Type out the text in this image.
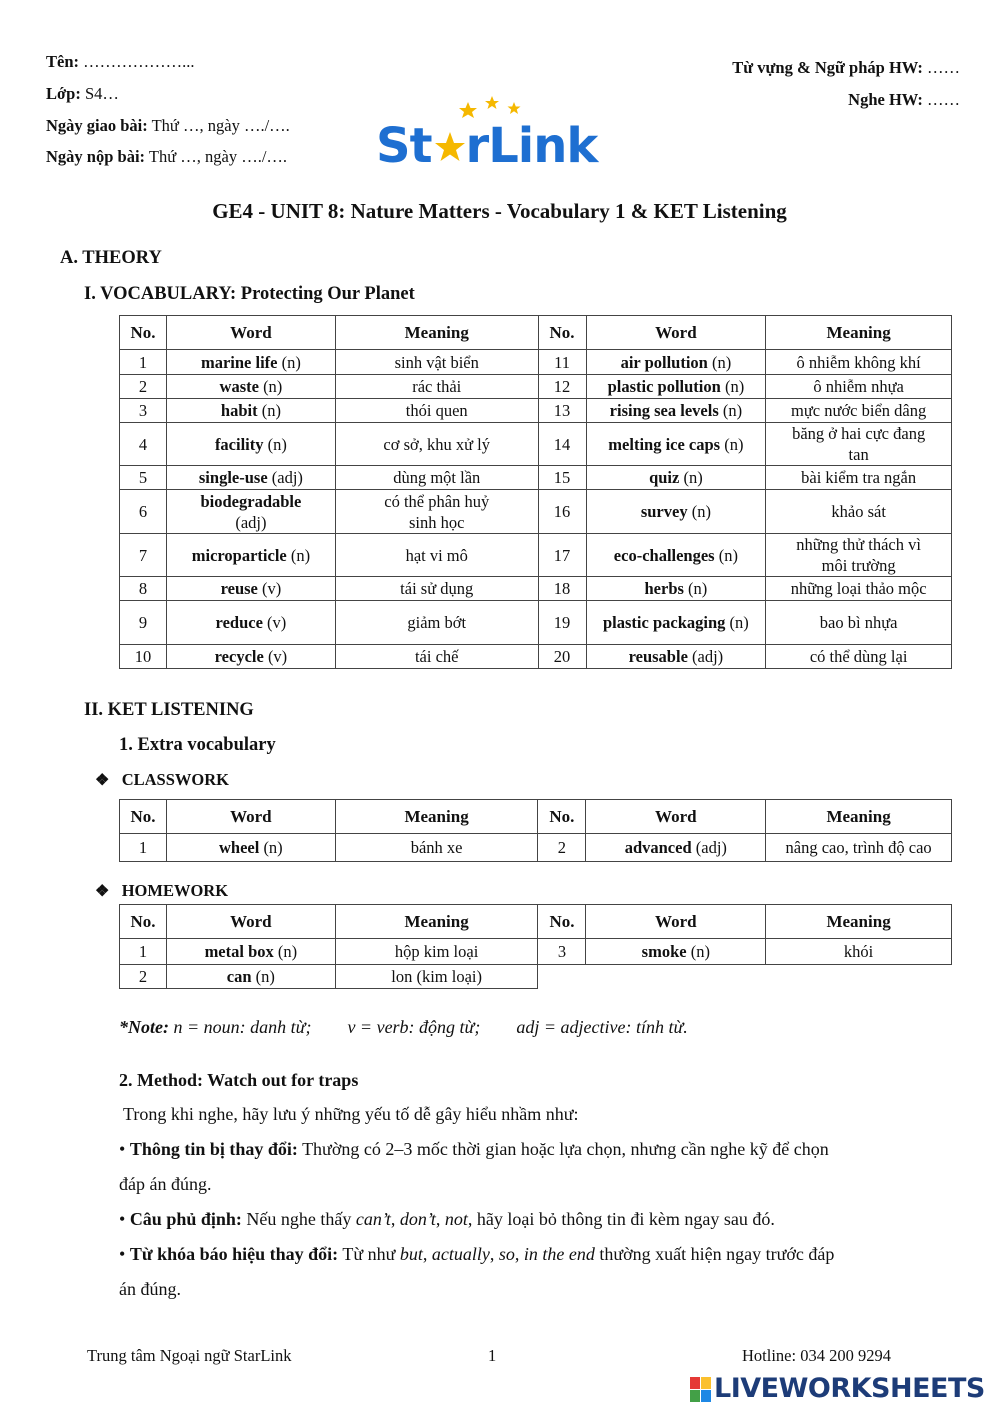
Tên: ………………...
Lớp: S4…
Ngày giao bài: Thứ …, ngày …./….
Ngày nộp bài: Thứ …, ngày …./….
Từ vựng & Ngữ pháp HW: ……
Nghe HW: ……
St rLink
GE4 - UNIT 8: Nature Matters - Vocabulary 1 & KET Listening
A. THEORY
I. VOCABULARY: Protecting Our Planet
No.	Word	Meaning	No.	Word	Meaning
1	marine life (n)	sinh vật biển	11	air pollution (n)	ô nhiễm không khí
2	waste (n)	rác thải	12	plastic pollution (n)	ô nhiễm nhựa
3	habit (n)	thói quen	13	rising sea levels (n)	mực nước biển dâng
4	facility (n)	cơ sở, khu xử lý	14	melting ice caps (n)	băng ở hai cực đang tan
5	single-use (adj)	dùng một lần	15	quiz (n)	bài kiểm tra ngắn
6	biodegradable (adj)	có thể phân huỷ sinh học	16	survey (n)	khảo sát
7	microparticle (n)	hạt vi mô	17	eco-challenges (n)	những thử thách vì môi trường
8	reuse (v)	tái sử dụng	18	herbs (n)	những loại thảo mộc
9	reduce (v)	giảm bớt	19	plastic packaging (n)	bao bì nhựa
10	recycle (v)	tái chế	20	reusable (adj)	có thể dùng lại
II. KET LISTENING
1. Extra vocabulary
❖ CLASSWORK
No.	Word	Meaning	No.	Word	Meaning
1	wheel (n)	bánh xe	2	advanced (adj)	nâng cao, trình độ cao
❖ HOMEWORK
No.	Word	Meaning	No.	Word	Meaning
1	metal box (n)	hộp kim loại	3	smoke (n)	khói
2	can (n)	lon (kim loại)			
*Note: n = noun: danh từ; v = verb: động từ; adj = adjective: tính từ.
2. Method: Watch out for traps
Trong khi nghe, hãy lưu ý những yếu tố dễ gây hiểu nhầm như:
• Thông tin bị thay đổi: Thường có 2–3 mốc thời gian hoặc lựa chọn, nhưng cần nghe kỹ để chọn
đáp án đúng.
• Câu phủ định: Nếu nghe thấy can’t, don’t, not, hãy loại bỏ thông tin đi kèm ngay sau đó.
• Từ khóa báo hiệu thay đổi: Từ như but, actually, so, in the end thường xuất hiện ngay trước đáp
án đúng.
Trung tâm Ngoại ngữ StarLink	1	Hotline: 034 200 9294
LIVEWORKSHEETS
